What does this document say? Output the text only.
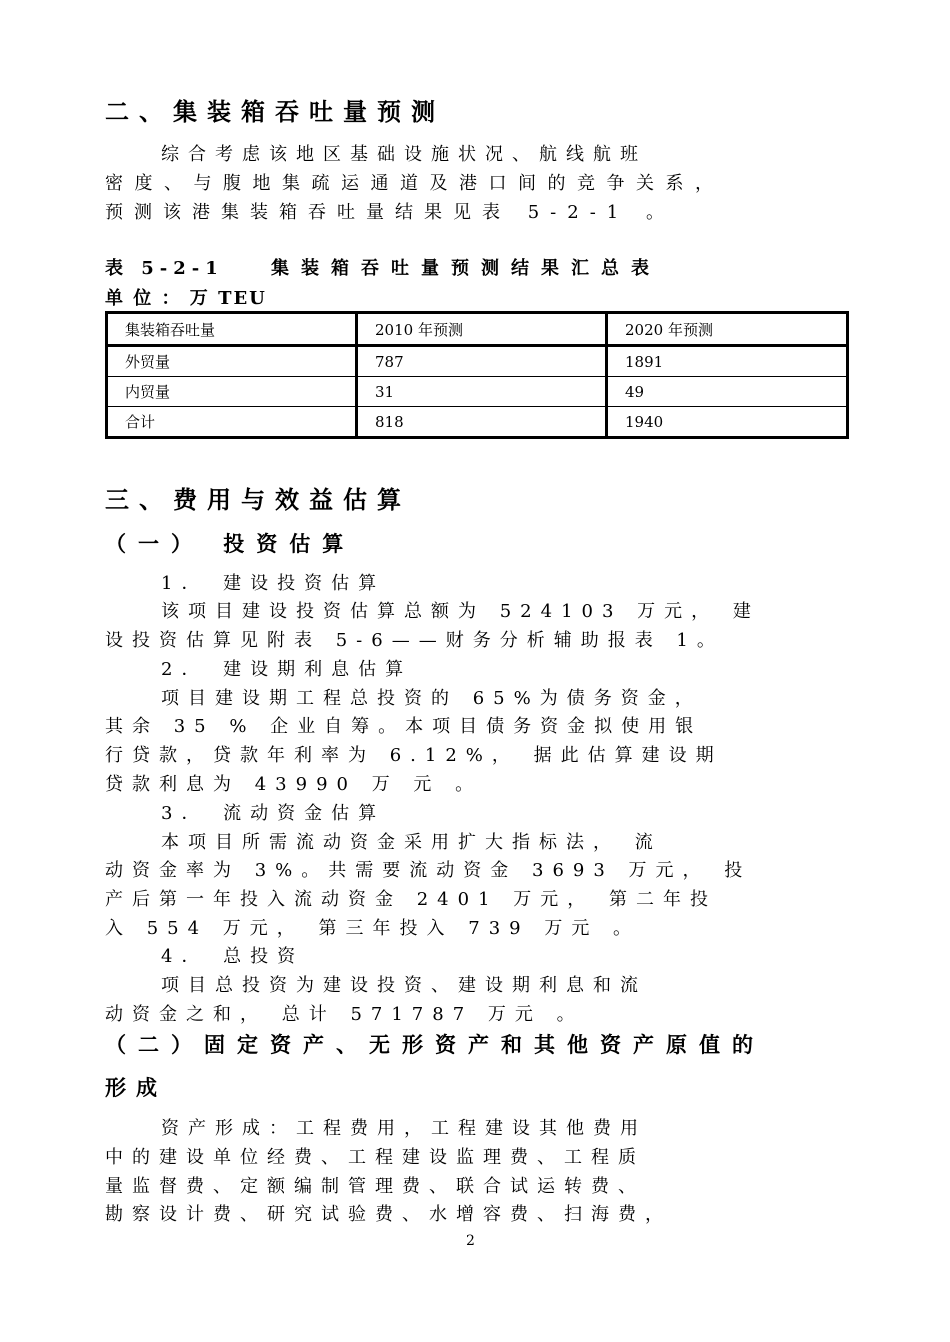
二、集装箱吞吐量预测
综合考虑该地区基础设施状况、航线航班
密度、与腹地集疏运通道及港口间的竞争关系，
预测该港集装箱吞吐量结果见表 5-2-1 。
表 5-2-1	集装箱吞吐量预测结果汇总表
单 位 ： 万 TEU
集装箱吞吐量	2010 年预测	2020 年预测
外贸量	787	1891
内贸量	31	49
合计	818	1940
三、费用与效益估算
（一） 投资估算
1． 建设投资估算
该项目建设投资估算总额为 524103 万元， 建
设投资估算见附表 5-6——财务分析辅助报表 1。
2． 建设期利息估算
项目建设期工程总投资的 65%为债务资金，
其余 35 % 企业自筹。本项目债务资金拟使用银
行贷款，贷款年利率为 6.12%， 据此估算建设期
贷款利息为 43990 万 元 。
3． 流动资金估算
本项目所需流动资金采用扩大指标法， 流
动资金率为 3%。共需要流动资金 3693 万元， 投
产后第一年投入流动资金 2401 万元， 第二年投
入 554 万元， 第三年投入 739 万元 。
4． 总投资
项目总投资为建设投资、建设期利息和流
动资金之和， 总计 571787 万元 。
（二）固定资产、无形资产和其他资产原值的
形成
资产形成：工程费用，工程建设其他费用
中的建设单位经费、工程建设监理费、工程质
量监督费、定额编制管理费、联合试运转费、
勘察设计费、研究试验费、水增容费、扫海费，
2
